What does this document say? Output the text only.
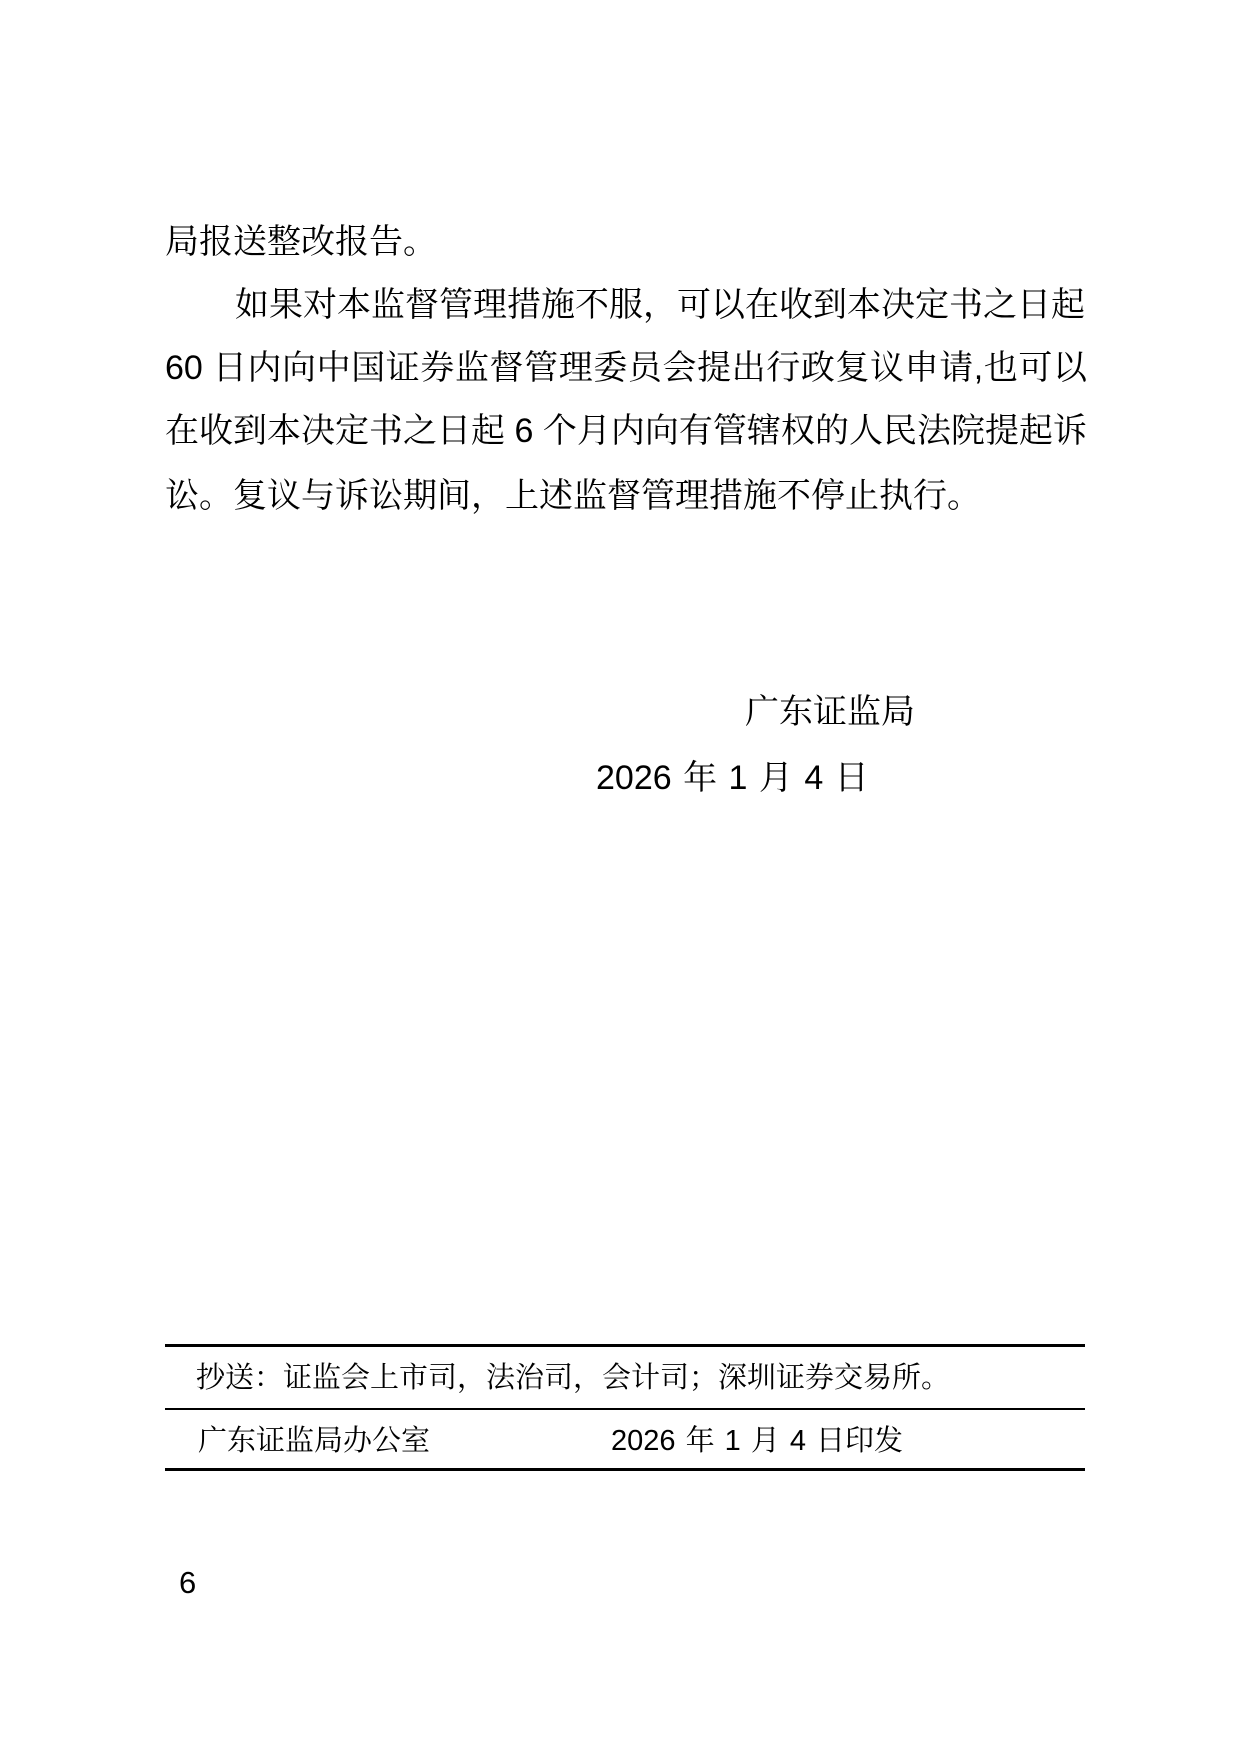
局报送整改报告。
如果对本监督管理措施不服，可以在收到本决定书之日起
60 日内向中国证券监督管理委员会提出行政复议申请,也可以
在收到本决定书之日起 6 个月内向有管辖权的人民法院提起诉
讼。复议与诉讼期间，上述监督管理措施不停止执行。
广东证监局
2026 年 1 月 4 日
抄送：证监会上市司，法治司，会计司；深圳证券交易所。
广东证监局办公室	2026 年 1 月 4 日印发
6
